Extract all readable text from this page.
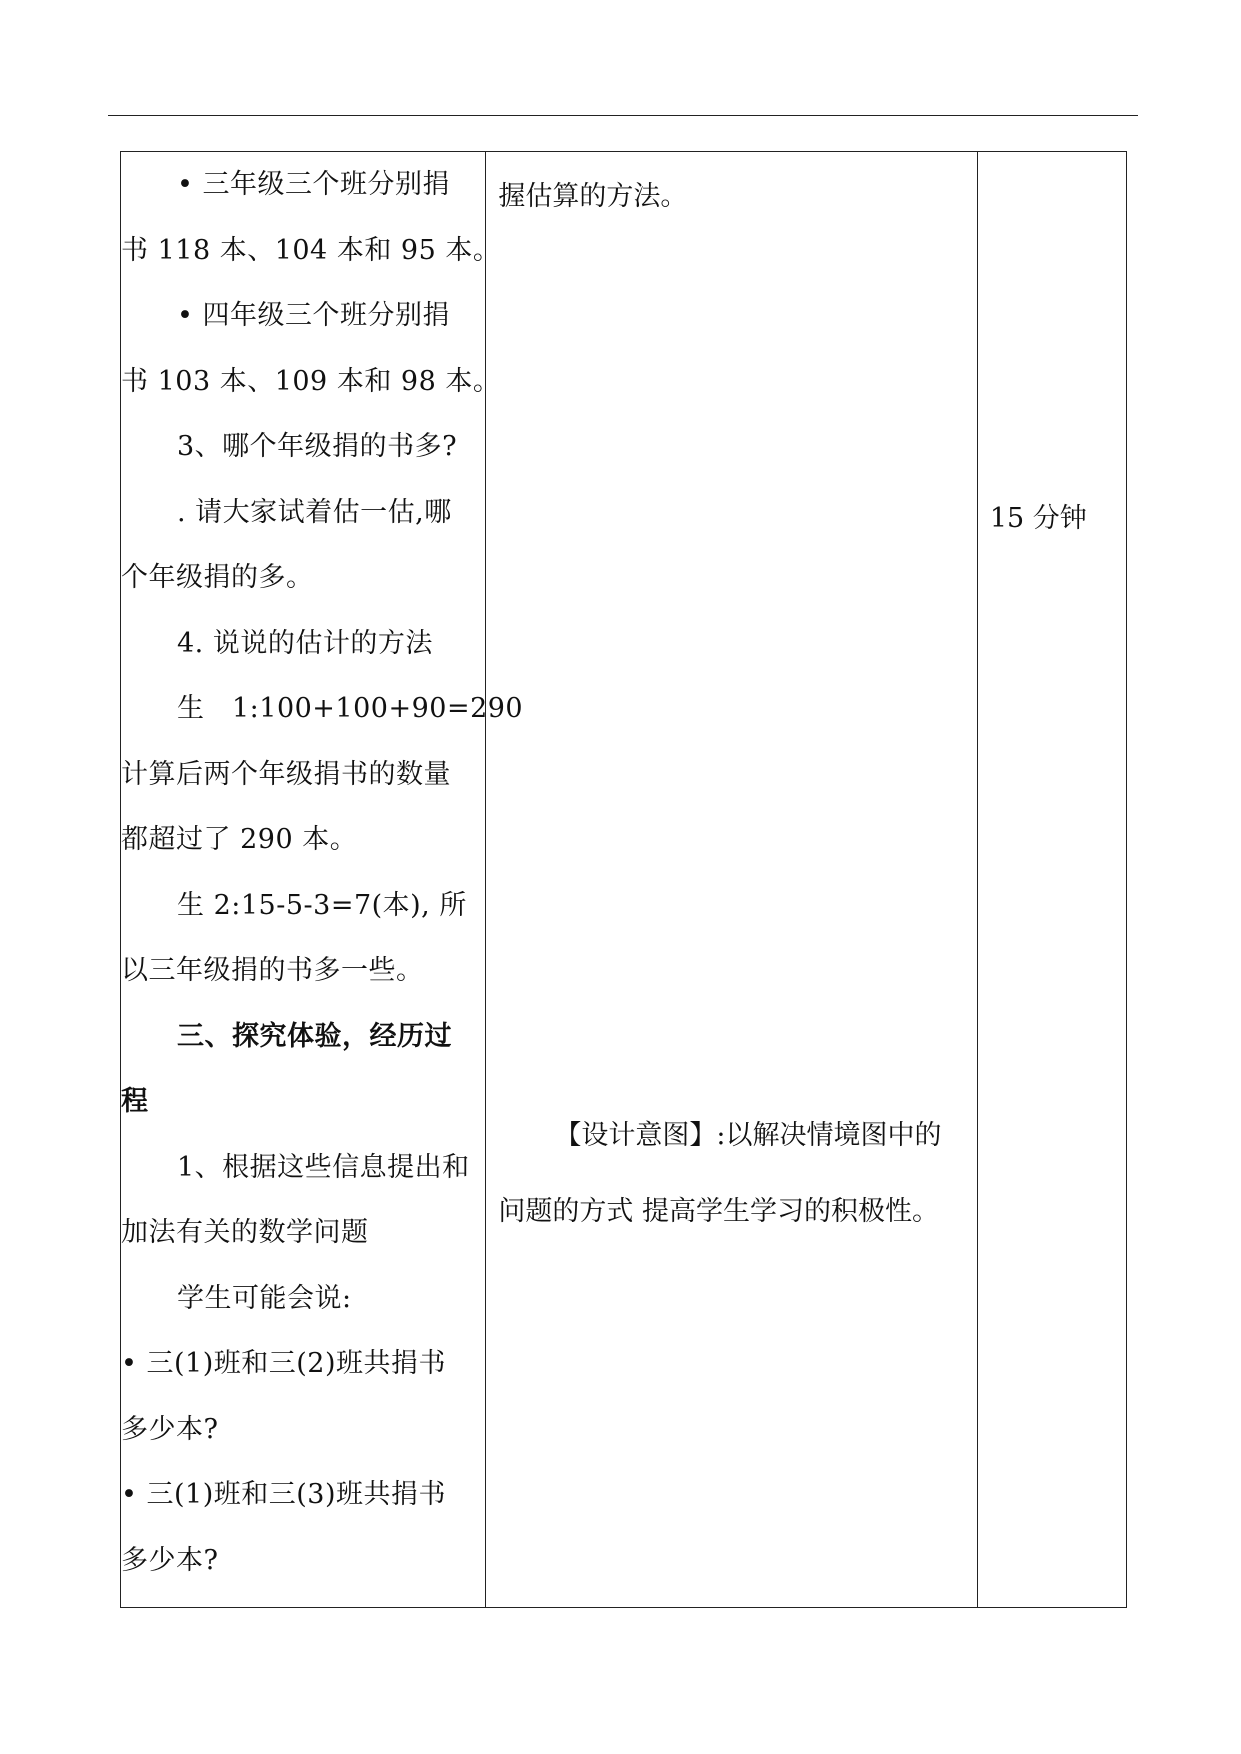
• 三年级三个班分别捐
书 118 本、104 本和 95 本。
• 四年级三个班分别捐
书 103 本、109 本和 98 本。
3、哪个年级捐的书多?
. 请大家试着估一估,哪
个年级捐的多。
4. 说说的估计的方法
生　1:100+100+90=290
计算后两个年级捐书的数量
都超过了 290 本。
生 2:15-5-3=7(本), 所
以三年级捐的书多一些。
三、探究体验，经历过
程
1、根据这些信息提出和
加法有关的数学问题
学生可能会说:
• 三(1)班和三(2)班共捐书
多少本?
• 三(1)班和三(3)班共捐书
多少本?

握估算的方法。
【设计意图】:以解决情境图中的
问题的方式 提高学生学习的积极性。

15 分钟
